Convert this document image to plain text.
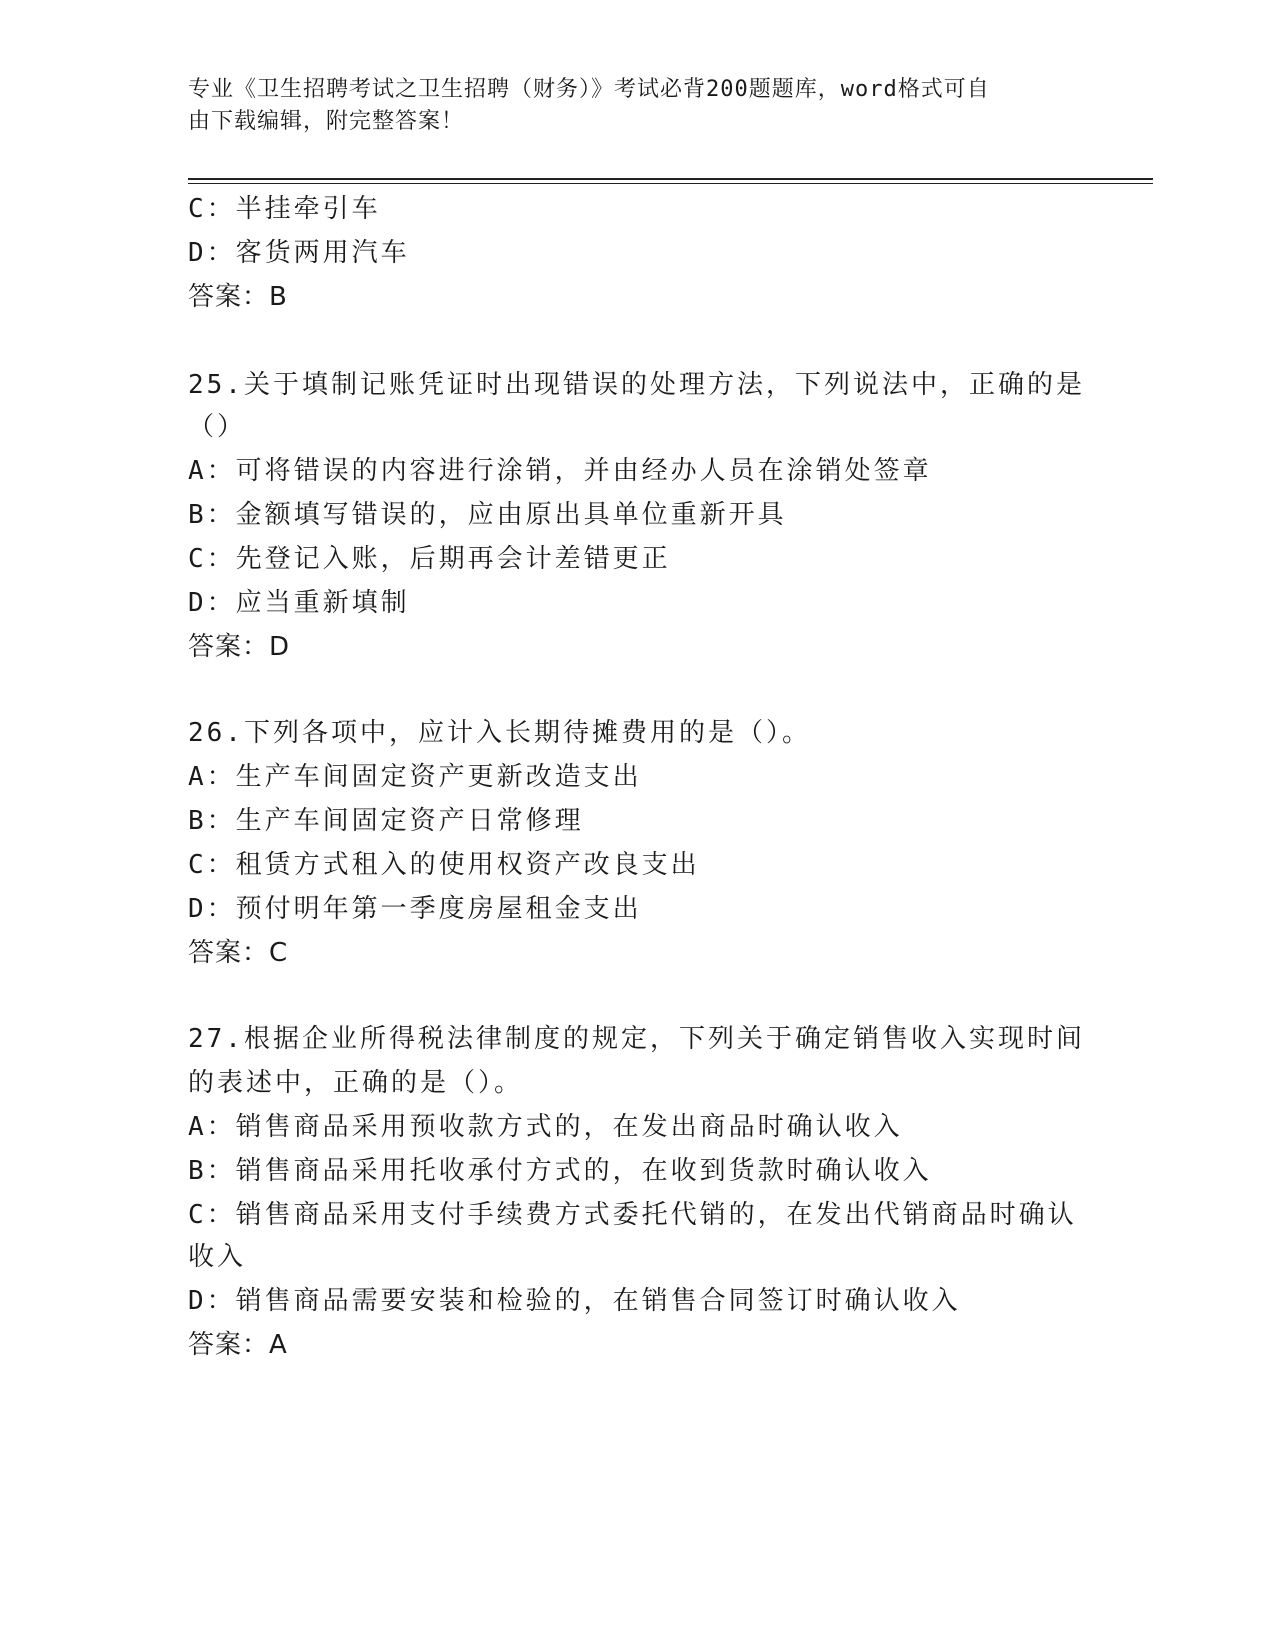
专业《卫生招聘考试之卫生招聘（财务）》考试必背200题题库，word格式可自
由下载编辑，附完整答案！
C：半挂牵引车
D：客货两用汽车
答案：B
25.关于填制记账凭证时出现错误的处理方法，下列说法中，正确的是
（）
A：可将错误的内容进行涂销，并由经办人员在涂销处签章
B：金额填写错误的，应由原出具单位重新开具
C：先登记入账，后期再会计差错更正
D：应当重新填制
答案：D
26.下列各项中，应计入长期待摊费用的是（）。
A：生产车间固定资产更新改造支出
B：生产车间固定资产日常修理
C：租赁方式租入的使用权资产改良支出
D：预付明年第一季度房屋租金支出
答案：C
27.根据企业所得税法律制度的规定，下列关于确定销售收入实现时间
的表述中，正确的是（）。
A：销售商品采用预收款方式的，在发出商品时确认收入
B：销售商品采用托收承付方式的，在收到货款时确认收入
C：销售商品采用支付手续费方式委托代销的，在发出代销商品时确认
收入
D：销售商品需要安装和检验的，在销售合同签订时确认收入
答案：A
